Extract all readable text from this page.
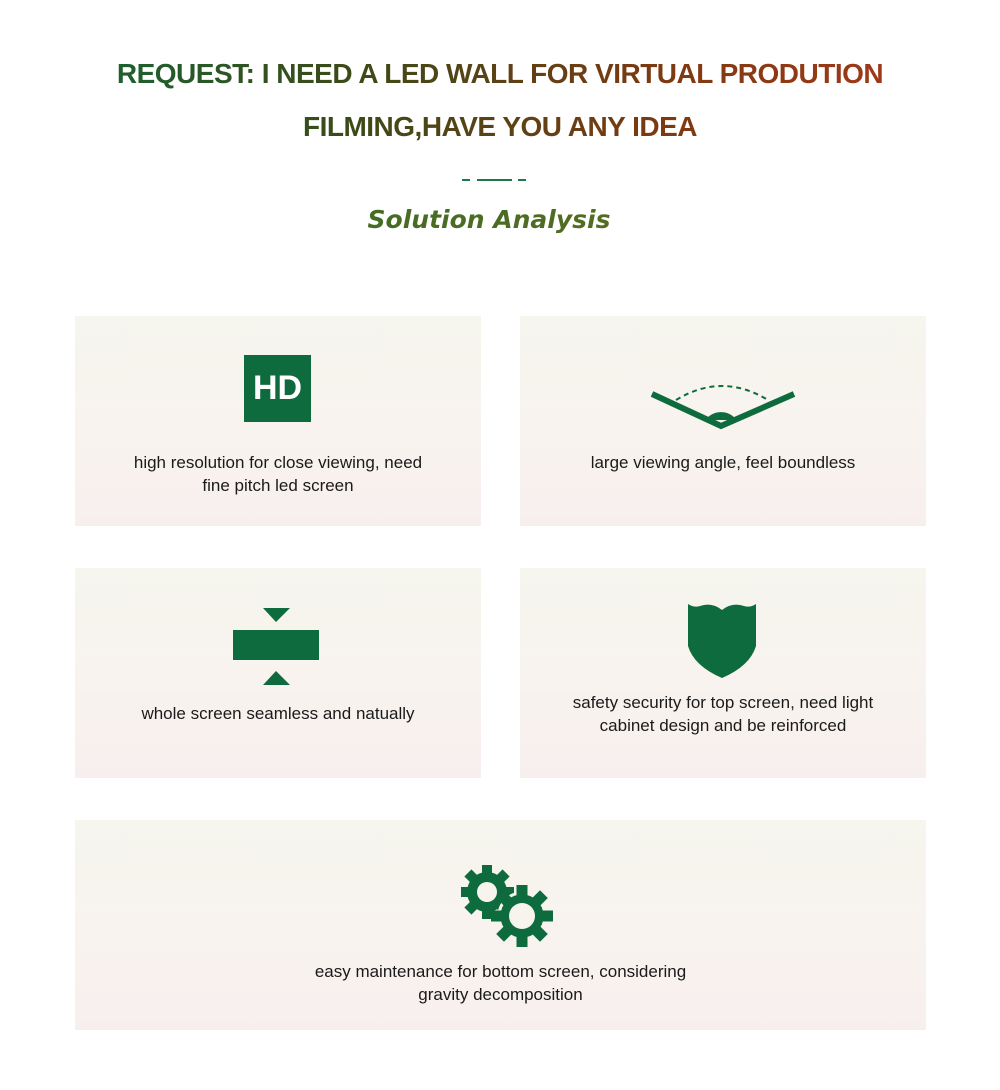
REQUEST: I NEED A LED WALL FOR VIRTUAL PRODUTION
FILMING,HAVE YOU ANY IDEA
Solution Analysis
HD
high resolution for close viewing, need
fine pitch led screen
large viewing angle, feel boundless
whole screen seamless and natually
safety security for top screen, need light
cabinet design and be reinforced
easy maintenance for bottom screen, considering
gravity decomposition
